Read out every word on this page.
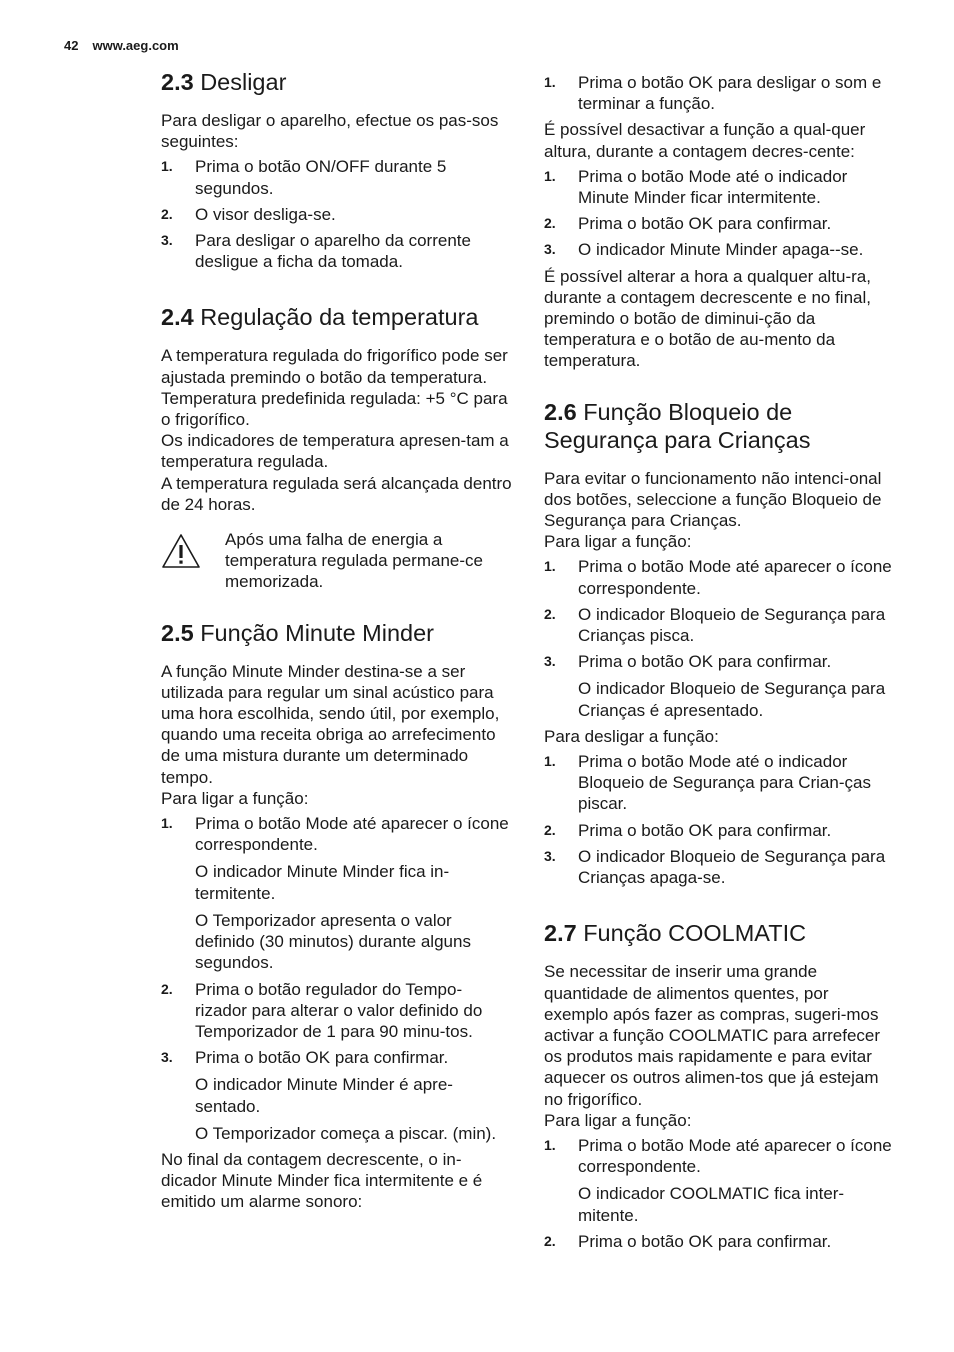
42 www.aeg.com
2.3 Desligar

Para desligar o aparelho, efectue os pas-sos seguintes:

1. Prima o botão ON/OFF durante 5 segundos.
2. O visor desliga-se.
3. Para desligar o aparelho da corrente desligue a ficha da tomada.
2.4 Regulação da temperatura

A temperatura regulada do frigorífico pode ser ajustada premindo o botão da temperatura.

Temperatura predefinida regulada: +5 °C para o frigorífico.

Os indicadores de temperatura apresen-tam a temperatura regulada.

A temperatura regulada será alcançada dentro de 24 horas.

Após uma falha de energia a temperatura regulada permane-ce memorizada.
2.5 Função Minute Minder

A função Minute Minder destina-se a ser utilizada para regular um sinal acústico para uma hora escolhida, sendo útil, por exemplo, quando uma receita obriga ao arrefecimento de uma mistura durante um determinado tempo.

Para ligar a função:

1. Prima o botão Mode até aparecer o ícone correspondente.
O indicador Minute Minder fica in-termitente.
O Temporizador apresenta o valor definido (30 minutos) durante alguns segundos.
2. Prima o botão regulador do Tempo-rizador para alterar o valor definido do Temporizador de 1 para 90 minu-tos.
3. Prima o botão OK para confirmar.
O indicador Minute Minder é apre-sentado.
O Temporizador começa a piscar. (min).

No final da contagem decrescente, o in-dicador Minute Minder fica intermitente e é emitido um alarme sonoro:

1. Prima o botão OK para desligar o som e terminar a função.

É possível desactivar a função a qual-quer altura, durante a contagem decres-cente:

1. Prima o botão Mode até o indicador Minute Minder ficar intermitente.
2. Prima o botão OK para confirmar.
3. O indicador Minute Minder apaga--se.

É possível alterar a hora a qualquer altu-ra, durante a contagem decrescente e no final, premindo o botão de diminui-ção da temperatura e o botão de au-mento da temperatura.

2.6 Função Bloqueio de Segurança para Crianças

Para evitar o funcionamento não intenci-onal dos botões, seleccione a função Bloqueio de Segurança para Crianças.

Para ligar a função:

1. Prima o botão Mode até aparecer o ícone correspondente.
2. O indicador Bloqueio de Segurança para Crianças pisca.
3. Prima o botão OK para confirmar.
O indicador Bloqueio de Segurança para Crianças é apresentado.

Para desligar a função:

1. Prima o botão Mode até o indicador Bloqueio de Segurança para Crian-ças piscar.
2. Prima o botão OK para confirmar.
3. O indicador Bloqueio de Segurança para Crianças apaga-se.
2.7 Função COOLMATIC

Se necessitar de inserir uma grande quantidade de alimentos quentes, por exemplo após fazer as compras, sugeri-mos activar a função COOLMATIC para arrefecer os produtos mais rapidamente e para evitar aquecer os outros alimen-tos que já estejam no frigorífico.

Para ligar a função:

1. Prima o botão Mode até aparecer o ícone correspondente.
O indicador COOLMATIC fica inter-mitente.
2. Prima o botão OK para confirmar.
